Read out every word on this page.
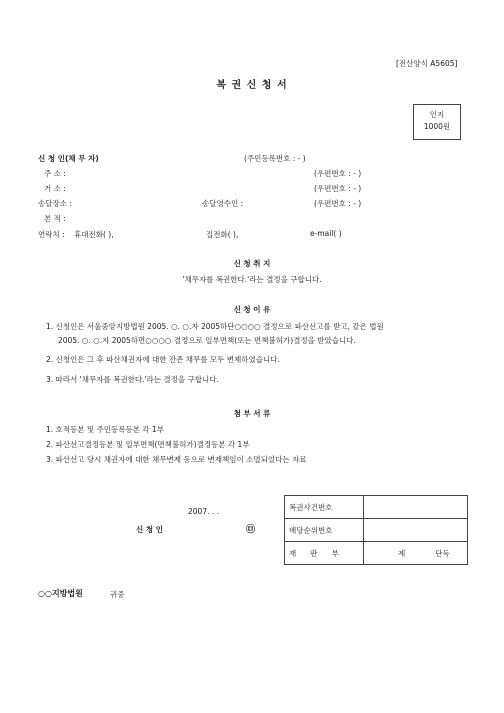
[전산양식 A5605]
복 권 신 청 서
인지
1000원
신 청 인(채 무 자)	(주민등록번호 : - )
주 소 :	(우편번호 : - )
거 소 :	(우편번호 : - )
송달장소 :	송달영수인 :	(우편번호 : - )
본 적 :
연락처 : 휴대전화( ),	집전화( ),	e-mail( )
신 청 취 지
'채무자를 복권한다.'라는 결정을 구합니다.
신 청 이 유
1. 신청인은 서울중앙지방법원 2005. ○. ○.자 2005하단○○○○ 결정으로 파산선고를 받고, 같은 법원
2005. ○. ○.자 2005하면○○○○ 결정으로 일부면책(또는 면책불허가)결정을 받았습니다.
2. 신청인은 그 후 파산채권자에 대한 잔존 채무를 모두 변제하였습니다.
3. 따라서 '채무자를 복권한다.'라는 결정을 구합니다.
첨 부 서 류
1. 호적등본 및 주민등록등본 각 1부
2. 파산선고결정등본 및 일부면책(면책불허가)결정등본 각 1부
3. 파산선고 당시 채권자에 대한 채무변제 등으로 변제책임이 소멸되었다는 자료
2007. . .
신 청 인	㉤
복권사건번호	
배당순위번호	
재 판 부	제 단독
○○지방법원	귀중
